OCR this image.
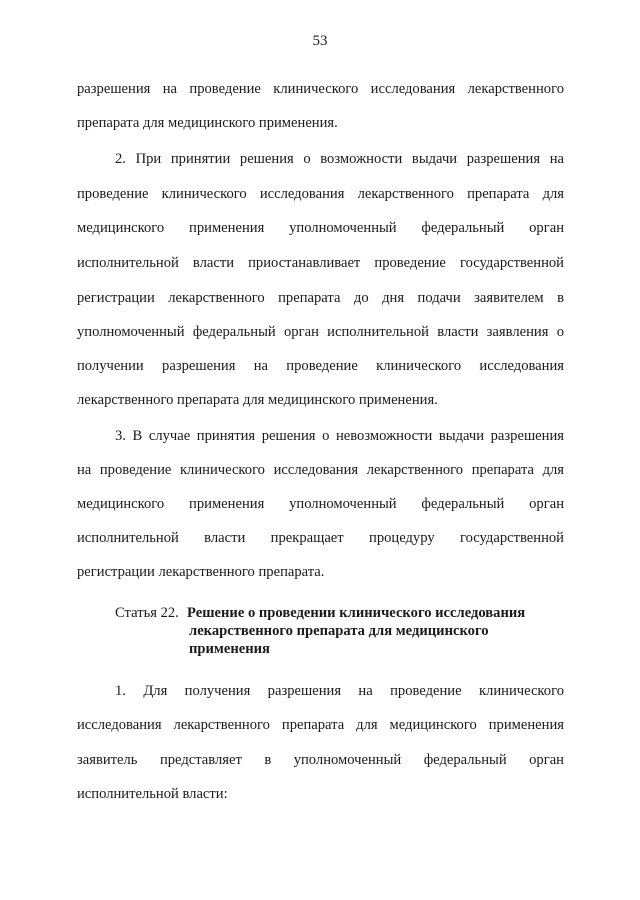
53
разрешения на проведение клинического исследования лекарственного
препарата для медицинского применения.
2. При принятии решения о возможности выдачи разрешения на
проведение клинического исследования лекарственного препарата для
медицинского применения уполномоченный федеральный орган
исполнительной власти приостанавливает проведение государственной
регистрации лекарственного препарата до дня подачи заявителем в
уполномоченный федеральный орган исполнительной власти заявления о
получении разрешения на проведение клинического исследования
лекарственного препарата для медицинского применения.
3. В случае принятия решения о невозможности выдачи разрешения
на проведение клинического исследования лекарственного препарата для
медицинского применения уполномоченный федеральный орган
исполнительной власти прекращает процедуру государственной
регистрации лекарственного препарата.
Статья 22. Решение о проведении клинического исследования
лекарственного препарата для медицинского
применения
1. Для получения разрешения на проведение клинического
исследования лекарственного препарата для медицинского применения
заявитель представляет в уполномоченный федеральный орган
исполнительной власти:
